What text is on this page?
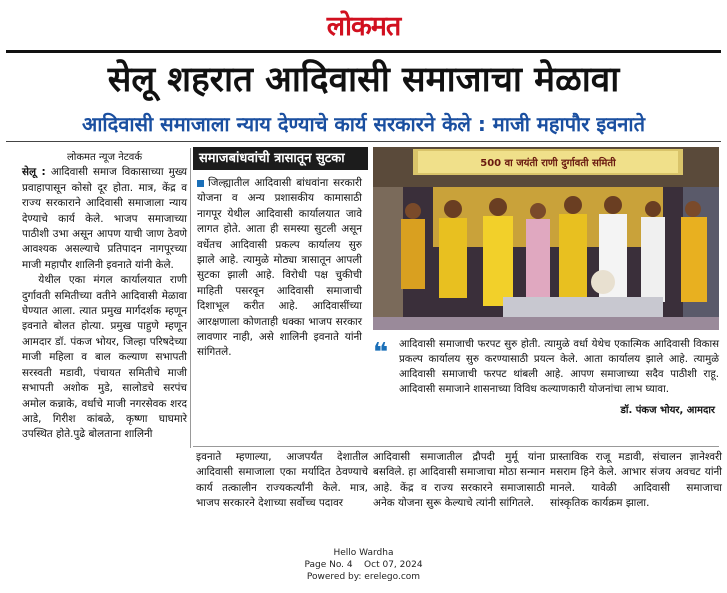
लोकमत
सेलू शहरात आदिवासी समाजाचा मेळावा
आदिवासी समाजाला न्याय देण्याचे कार्य सरकारने केले : माजी महापौर इवनाते

लोकमत न्यूज नेटवर्क

सेलू : आदिवासी समाज विकासाच्या मुख्य प्रवाहापासून कोसो दूर होता. मात्र, केंद्र व राज्य सरकाराने आदिवासी समाजाला न्याय देण्याचे कार्य केले. भाजप समाजाच्या पाठीशी उभा असून आपण याची जाण ठेवणे आवश्यक असल्याचे प्रतिपादन नागपूरच्या माजी महापौर शालिनी इवनाते यांनी केले.

येथील एका मंगल कार्यालयात राणी दुर्गावती समितीच्या वतीने आदिवासी मेळावा घेण्यात आला. त्यात प्रमुख मार्गदर्शक म्हणून इवनाते बोलत होत्या. प्रमुख पाहुणे म्हणून आमदार डॉ. पंकज भोयर, जिल्हा परिषदेच्या माजी महिला व बाल कल्याण सभापती सरस्वती मडावी, पंचायत समितीचे माजी सभापती अशोक मुडे, सालोडचे सरपंच अमोल कन्नाके, वर्धाचे माजी नगरसेवक शरद आडे, गिरीश कांबळे, कृष्णा घाघमारे उपस्थित होते.पुढे बोलताना शालिनी

समाजबांधवांची त्रासातून सुटका
जिल्ह्यातील आदिवासी बांधवांना सरकारी योजना व अन्य प्रशासकीय कामासाठी नागपूर येथील आदिवासी कार्यालयात जावे लागत होते. आता ही समस्या सुटली असून वर्धेतच आदिवासी प्रकल्प कार्यालय सुरु झाले आहे. त्यामुळे मोठ्या त्रासातून आपली सुटका झाली आहे. विरोधी पक्ष चुकीची माहिती पसरवून आदिवासी समाजाची दिशाभूल करीत आहे. आदिवासींच्या आरक्षणाला कोणताही धक्का भाजप सरकार लावणार नाही, असे शालिनी इवनाते यांनी सांगितले.
500 वा जयंती राणी दुर्गावती समिती
❝ आदिवासी समाजाची फरपट सुरु होती. त्यामुळे वर्धा येथेच एकात्मिक आदिवासी विकास प्रकल्प कार्यालय सुरु करण्यासाठी प्रयत्न केले. आता कार्यालय झाले आहे. त्यामुळे आदिवासी समाजाची फरपट थांबली आहे. आपण समाजाच्या सदैव पाठीशी राहू. आदिवासी समाजाने शासनाच्या विविध कल्याणकारी योजनांचा लाभ घ्यावा.
डॉ. पंकज भोयर, आमदार
इवनाते म्हणाल्या, आजपर्यंत देशातील आदिवासी समाजाला एका मर्यादित ठेवण्याचे कार्य तत्कालीन राज्यकर्त्यांनी केले. मात्र, भाजप सरकारने देशाच्या सर्वोच्च पदावर
आदिवासी समाजातील द्रौपदी मुर्मू यांना बसविले. हा आदिवासी समाजाचा मोठा सन्मान आहे. केंद्र व राज्य सरकारने समाजासाठी अनेक योजना सुरू केल्याचे त्यांनी सांगितले.
प्रास्ताविक राजू मडावी, संचालन ज्ञानेश्वरी मसराम हिने केले. आभार संजय अवचट यांनी मानले. यावेळी आदिवासी समाजाचा सांस्कृतिक कार्यक्रम झाला.
Hello Wardha
Page No. 4    Oct 07, 2024
Powered by: erelego.com
